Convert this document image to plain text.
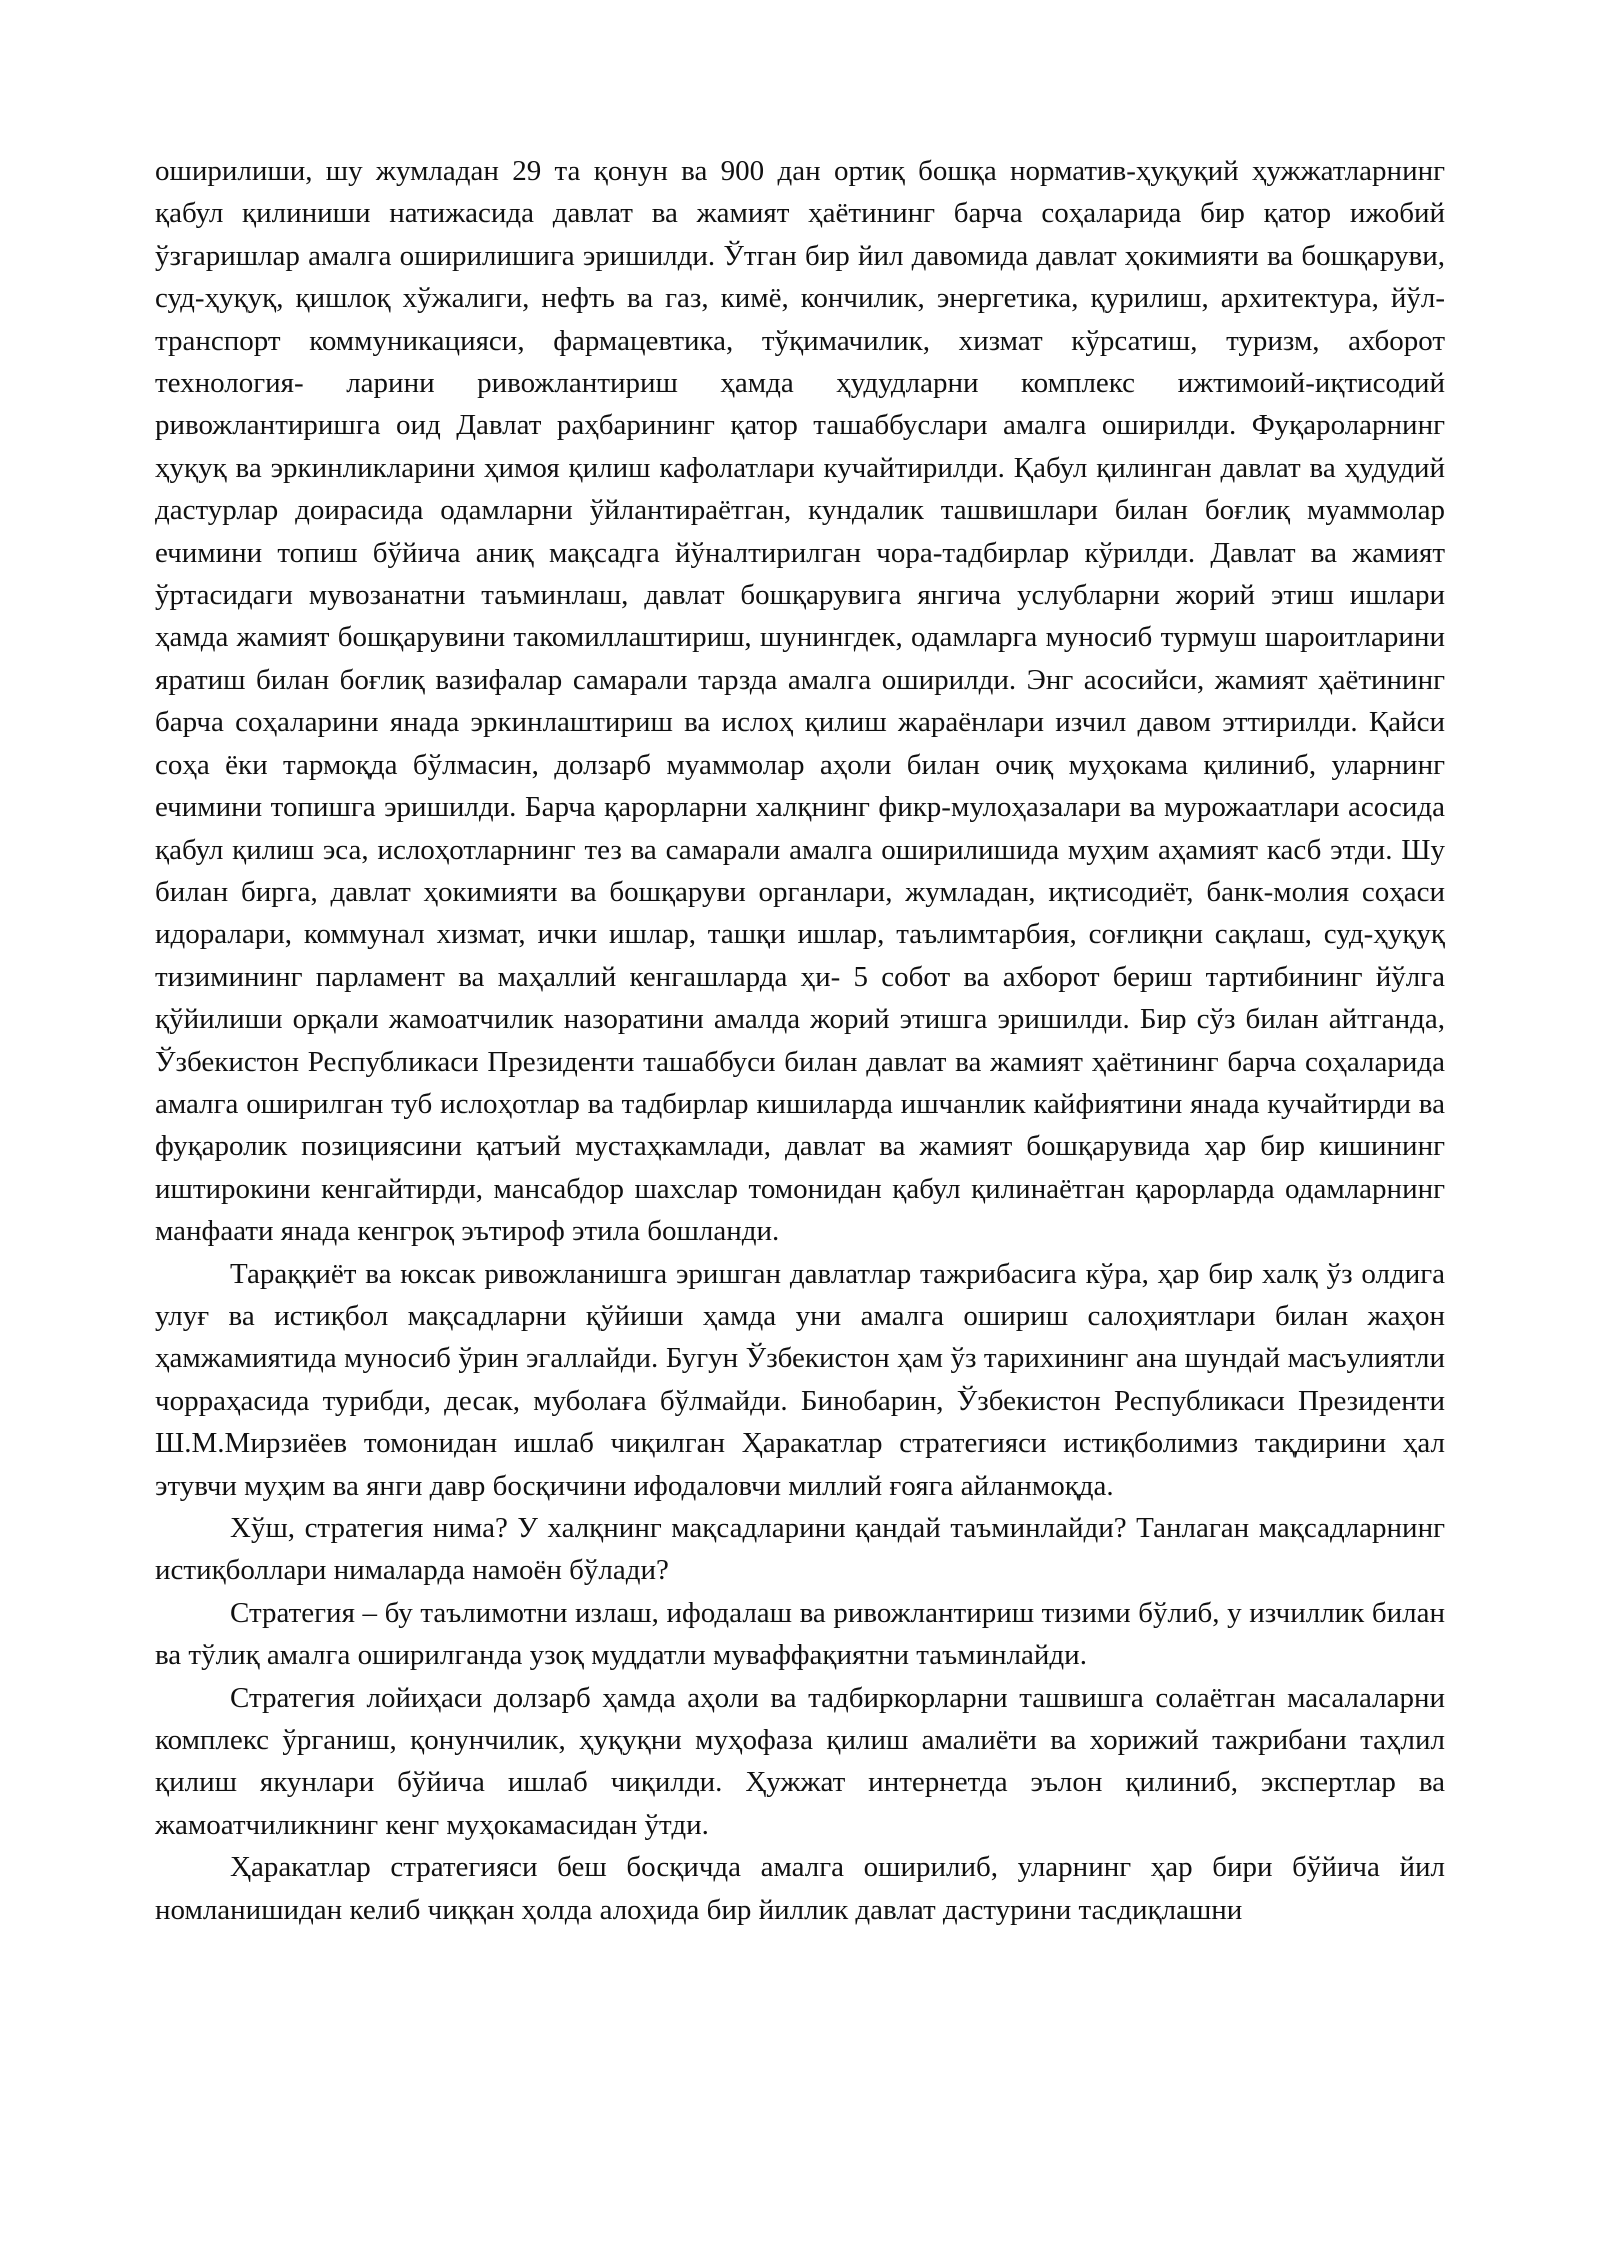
оширилиши, шу жумладан 29 та қонун ва 900 дан ортиқ бошқа норматив-ҳуқуқий ҳужжатларнинг қабул қилиниши натижасида давлат ва жамият ҳаётининг барча соҳаларида бир қатор ижобий ўзгаришлар амалга оширилишига эришилди. Ўтган бир йил давомида давлат ҳокимияти ва бошқаруви, суд-ҳуқуқ, қишлоқ хўжалиги, нефть ва газ, кимё, кончилик, энергетика, қурилиш, архитектура, йўл-транспорт коммуникацияси, фармацевтика, тўқимачилик, хизмат кўрсатиш, туризм, ахборот технология- ларини ривожлантириш ҳамда ҳудудларни комплекс ижтимоий-иқтисодий ривожлантиришга оид Давлат раҳбарининг қатор ташаббуслари амалга оширилди. Фуқароларнинг ҳуқуқ ва эркинликларини ҳимоя қилиш кафолатлари кучайтирилди. Қабул қилинган давлат ва ҳудудий дастурлар доирасида одамларни ўйлантираётган, кундалик ташвишлари билан боғлиқ муаммолар ечимини топиш бўйича аниқ мақсадга йўналтирилган чора-тадбирлар кўрилди. Давлат ва жамият ўртасидаги мувозанатни таъминлаш, давлат бошқарувига янгича услубларни жорий этиш ишлари ҳамда жамият бошқарувини такомиллаштириш, шунингдек, одамларга муносиб турмуш шароитларини яратиш билан боғлиқ вазифалар самарали тарзда амалга оширилди. Энг асосийси, жамият ҳаётининг барча соҳаларини янада эркинлаштириш ва ислоҳ қилиш жараёнлари изчил давом эттирилди. Қайси соҳа ёки тармоқда бўлмасин, долзарб муаммолар аҳоли билан очиқ муҳокама қилиниб, уларнинг ечимини топишга эришилди. Барча қарорларни халқнинг фикр-мулоҳазалари ва мурожаатлари асосида қабул қилиш эса, ислоҳотларнинг тез ва самарали амалга оширилишида муҳим аҳамият касб этди. Шу билан бирга, давлат ҳокимияти ва бошқаруви органлари, жумладан, иқтисодиёт, банк-молия соҳаси идоралари, коммунал хизмат, ички ишлар, ташқи ишлар, таълимтарбия, соғлиқни сақлаш, суд-ҳуқуқ тизимининг парламент ва маҳаллий кенгашларда ҳи- 5 собот ва ахборот бериш тартибининг йўлга қўйилиши орқали жамоатчилик назоратини амалда жорий этишга эришилди. Бир сўз билан айтганда, Ўзбекистон Республикаси Президенти ташаббуси билан давлат ва жамият ҳаётининг барча соҳаларида амалга оширилган туб ислоҳотлар ва тадбирлар кишиларда ишчанлик кайфиятини янада кучайтирди ва фуқаролик позициясини қатъий мустаҳкамлади, давлат ва жамият бошқарувида ҳар бир кишининг иштирокини кенгайтирди, мансабдор шахслар томонидан қабул қилинаётган қарорларда одамларнинг манфаати янада кенгроқ эътироф этила бошланди.

Тараққиёт ва юксак ривожланишга эришган давлатлар тажрибасига кўра, ҳар бир халқ ўз олдига улуғ ва истиқбол мақсадларни қўйиши ҳамда уни амалга ошириш салоҳиятлари билан жаҳон ҳамжамиятида муносиб ўрин эгаллайди. Бугун Ўзбекистон ҳам ўз тарихининг ана шундай масъулиятли чорраҳасида турибди, десак, муболаға бўлмайди. Бинобарин, Ўзбекистон Республикаси Президенти Ш.М.Мирзиёев томонидан ишлаб чиқилган Ҳаракатлар стратегияси истиқболимиз тақдирини ҳал этувчи муҳим ва янги давр босқичини ифодаловчи миллий ғояга айланмоқда.

Хўш, стратегия нима? У халқнинг мақсадларини қандай таъминлайди? Танлаган мақсадларнинг истиқболлари нималарда намоён бўлади?

Стратегия – бу таълимотни излаш, ифодалаш ва ривожлантириш тизими бўлиб, у изчиллик билан ва тўлиқ амалга оширилганда узоқ муддатли муваффақиятни таъминлайди.

Стратегия лойиҳаси долзарб ҳамда аҳоли ва тадбиркорларни ташвишга солаётган масалаларни комплекс ўрганиш, қонунчилик, ҳуқуқни муҳофаза қилиш амалиёти ва хорижий тажрибани таҳлил қилиш якунлари бўйича ишлаб чиқилди. Ҳужжат интернетда эълон қилиниб, экспертлар ва жамоатчиликнинг кенг муҳокамасидан ўтди.

Ҳаракатлар стратегияси беш босқичда амалга оширилиб, уларнинг ҳар бири бўйича йил номланишидан келиб чиққан ҳолда алоҳида бир йиллик давлат дастурини тасдиқлашни
